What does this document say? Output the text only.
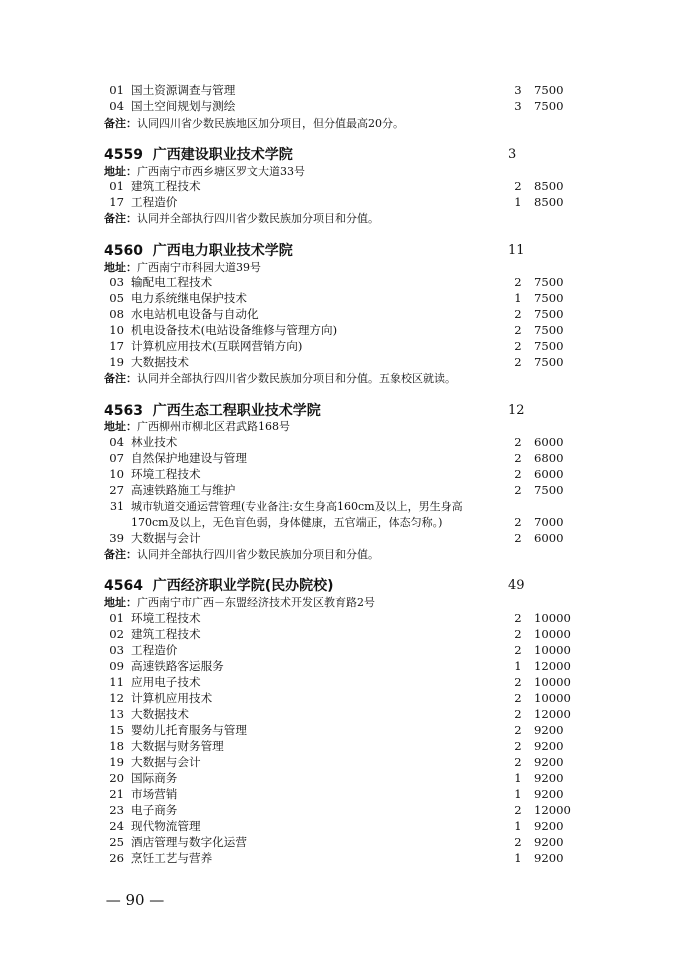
01 国土资源调查与管理	3 7500
04 国土空间规划与测绘	3 7500
备注：认同四川省少数民族地区加分项目，但分值最高20分。
4559 广西建设职业技术学院	3
地址：广西南宁市西乡塘区罗文大道33号
01 建筑工程技术	2 8500
17 工程造价	1 8500
备注：认同并全部执行四川省少数民族加分项目和分值。
4560 广西电力职业技术学院	11
地址：广西南宁市科园大道39号
03 输配电工程技术	2 7500
05 电力系统继电保护技术	1 7500
08 水电站机电设备与自动化	2 7500
10 机电设备技术(电站设备维修与管理方向)	2 7500
17 计算机应用技术(互联网营销方向)	2 7500
19 大数据技术	2 7500
备注：认同并全部执行四川省少数民族加分项目和分值。五象校区就读。
4563 广西生态工程职业技术学院	12
地址：广西柳州市柳北区君武路168号
04 林业技术	2 6000
07 自然保护地建设与管理	2 6800
10 环境工程技术	2 6000
27 高速铁路施工与维护	2 7500
31 城市轨道交通运营管理(专业备注:女生身高160cm及以上，男生身高
170cm及以上，无色盲色弱，身体健康，五官端正，体态匀称。)	2 7000
39 大数据与会计	2 6000
备注：认同并全部执行四川省少数民族加分项目和分值。
4564 广西经济职业学院(民办院校)	49
地址：广西南宁市广西－东盟经济技术开发区教育路2号
01 环境工程技术	2 10000
02 建筑工程技术	2 10000
03 工程造价	2 10000
09 高速铁路客运服务	1 12000
11 应用电子技术	2 10000
12 计算机应用技术	2 10000
13 大数据技术	2 12000
15 婴幼儿托育服务与管理	2 9200
18 大数据与财务管理	2 9200
19 大数据与会计	2 9200
20 国际商务	1 9200
21 市场营销	1 9200
23 电子商务	2 12000
24 现代物流管理	1 9200
25 酒店管理与数字化运营	2 9200
26 烹饪工艺与营养	1 9200
— 90 —
